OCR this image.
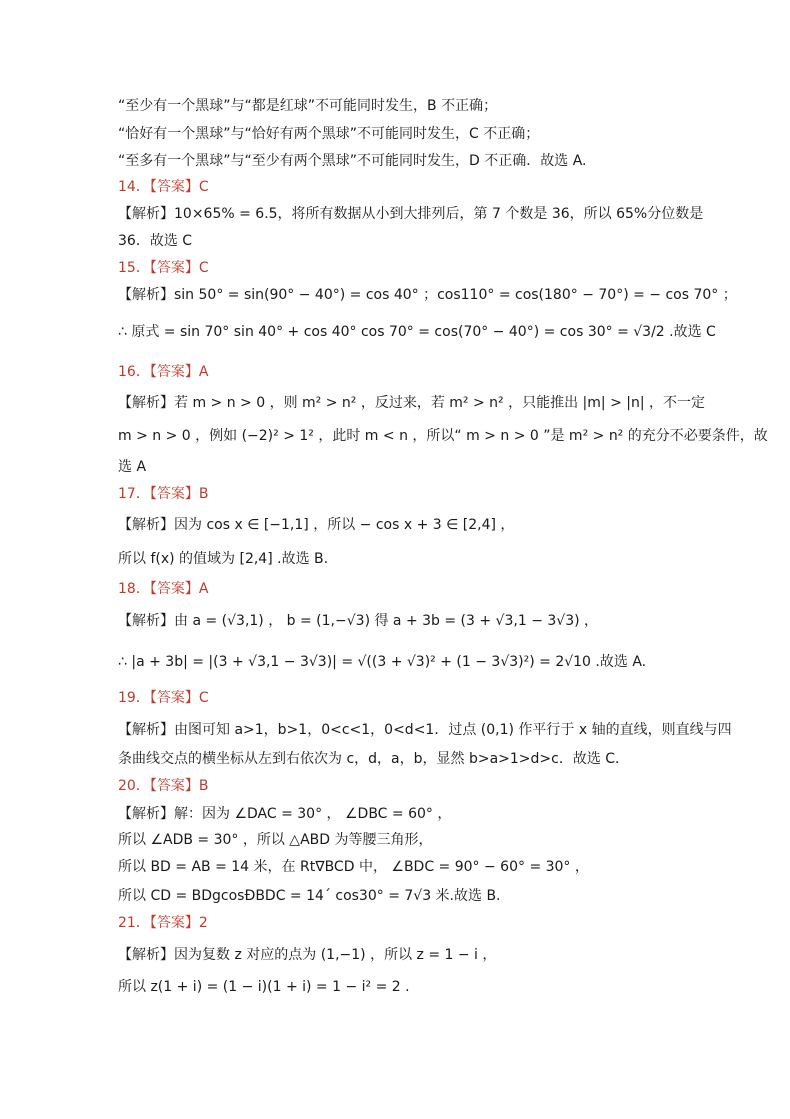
“至少有一个黑球”与“都是红球”不可能同时发生，B 不正确；
“恰好有一个黑球”与“恰好有两个黑球”不可能同时发生，C 不正确；
“至多有一个黑球”与“至少有两个黑球”不可能同时发生，D 不正确．故选 A.
14．【答案】C
【解析】10×65% = 6.5，将所有数据从小到大排列后，第 7 个数是 36，所以 65%分位数是
36．故选 C
15．【答案】C
【解析】sin 50° = sin(90° − 40°) = cos 40° ；cos110° = cos(180° − 70°) = − cos 70° ；
∴ 原式 = sin 70° sin 40° + cos 40° cos 70° = cos(70° − 40°) = cos 30° = √3/2 .故选 C
16．【答案】A
【解析】若 m > n > 0 ，则 m² > n² ，反过来，若 m² > n² ，只能推出 |m| > |n| ，不一定
m > n > 0 ，例如 (−2)² > 1² ，此时 m < n ，所以“ m > n > 0 ”是 m² > n² 的充分不必要条件，故
选 A
17．【答案】B
【解析】因为 cos x ∈ [−1,1] ，所以 − cos x + 3 ∈ [2,4] ，
所以 f(x) 的值域为 [2,4] .故选 B.
18．【答案】A
【解析】由 a = (√3,1) ， b = (1,−√3) 得 a + 3b = (3 + √3,1 − 3√3) ，
∴ |a + 3b| = |(3 + √3,1 − 3√3)| = √((3 + √3)² + (1 − 3√3)²) = 2√10 .故选 A.
19．【答案】C
【解析】由图可知 a>1，b>1，0<c<1，0<d<1．过点 (0,1) 作平行于 x 轴的直线，则直线与四
条曲线交点的横坐标从左到右依次为 c，d，a，b，显然 b>a>1>d>c．故选 C．
20．【答案】B
【解析】解：因为 ∠DAC = 30° ， ∠DBC = 60° ，
所以 ∠ADB = 30° ，所以 △ABD 为等腰三角形，
所以 BD = AB = 14 米，在 Rt∇BCD 中， ∠BDC = 90° − 60° = 30° ，
所以 CD = BDgcosÐBDC = 14´ cos30° = 7√3 米.故选 B.
21．【答案】2
【解析】因为复数 z 对应的点为 (1,−1) ，所以 z = 1 − i ，
所以 z(1 + i) = (1 − i)(1 + i) = 1 − i² = 2 .
